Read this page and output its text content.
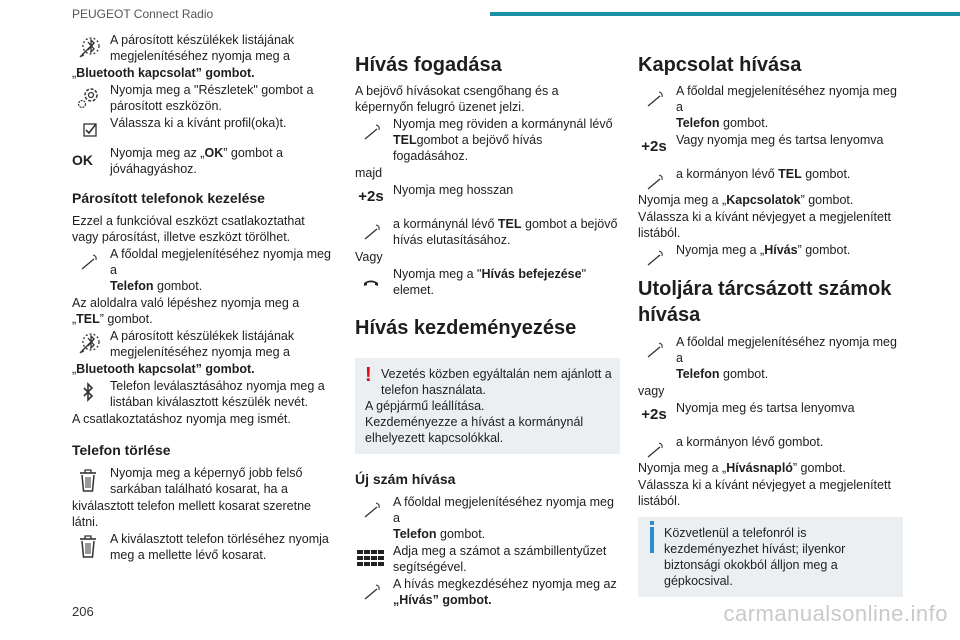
PEUGEOT Connect Radio
A párosított készülékek listájának megjelenítéséhez nyomja meg a
„Bluetooth kapcsolat” gombot.
Nyomja meg a "Részletek" gombot a párosított eszközön.
Válassza ki a kívánt profil(oka)t.
OK Nyomja meg az „OK” gombot a jóváhagyáshoz.
Párosított telefonok kezelése
Ezzel a funkcióval eszközt csatlakoztathat vagy párosítást, illetve eszközt törölhet.
A főoldal megjelenítéséhez nyomja meg a
Telefon gombot.
Az aloldalra való lépéshez nyomja meg a „TEL” gombot.
A párosított készülékek listájának megjelenítéséhez nyomja meg a
„Bluetooth kapcsolat” gombot.
Telefon leválasztásához nyomja meg a listában kiválasztott készülék nevét.
A csatlakoztatáshoz nyomja meg ismét.
Telefon törlése
Nyomja meg a képernyő jobb felső sarkában található kosarat, ha a
kiválasztott telefon mellett kosarat szeretne látni.
A kiválasztott telefon törléséhez nyomja meg a mellette lévő kosarat.
Hívás fogadása
A bejövő hívásokat csengőhang és a képernyőn felugró üzenet jelzi.
Nyomja meg röviden a kormánynál lévő
TELgombot a bejövő hívás fogadásához.
majd
+2s Nyomja meg hosszan
a kormánynál lévő TEL gombot a bejövő hívás elutasításához.
Vagy
Nyomja meg a "Hívás befejezése" elemet.
Hívás kezdeményezése
! Vezetés közben egyáltalán nem ajánlott a telefon használata.
A gépjármű leállítása.
Kezdeményezze a hívást a kormánynál elhelyezett kapcsolókkal.
Új szám hívása
A főoldal megjelenítéséhez nyomja meg a
Telefon gombot.
Adja meg a számot a számbillentyűzet segítségével.
A hívás megkezdéséhez nyomja meg az
„Hívás” gombot.
Kapcsolat hívása
A főoldal megjelenítéséhez nyomja meg a
Telefon gombot.
+2s Vagy nyomja meg és tartsa lenyomva
a kormányon lévő TEL gombot.
Nyomja meg a „Kapcsolatok” gombot.
Válassza ki a kívánt névjegyet a megjelenített listából.
Nyomja meg a „Hívás” gombot.
Utoljára tárcsázott számok hívása
A főoldal megjelenítéséhez nyomja meg a
Telefon gombot.
vagy
+2s Nyomja meg és tartsa lenyomva
a kormányon lévő gombot.
Nyomja meg a „Hívásnapló” gombot.
Válassza ki a kívánt névjegyet a megjelenített listából.
Közvetlenül a telefonról is kezdeményezhet hívást; ilyenkor biztonsági okokból álljon meg a gépkocsival.
206	carmanualsonline.info
